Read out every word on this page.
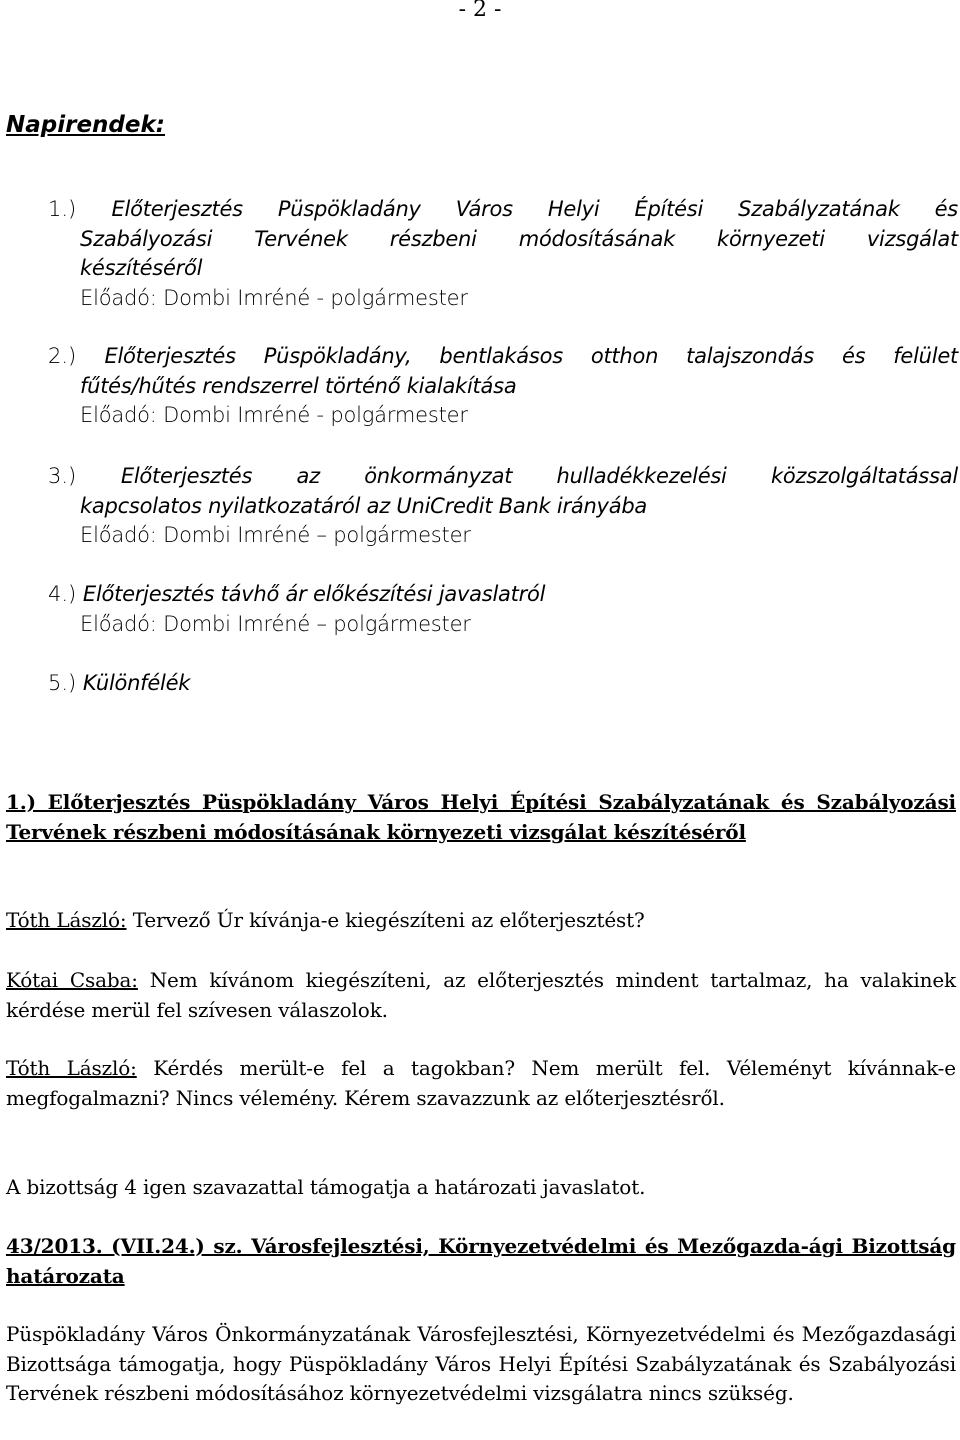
- 2 -
Napirendek:
1.) Előterjesztés Püspökladány Város Helyi Építési Szabályzatának és
Szabályozási Tervének részbeni módosításának környezeti vizsgálat
készítéséről
Előadó: Dombi Imréné - polgármester
2.) Előterjesztés Püspökladány, bentlakásos otthon talajszondás és felület
fűtés/hűtés rendszerrel történő kialakítása
Előadó: Dombi Imréné - polgármester
3.) Előterjesztés az önkormányzat hulladékkezelési közszolgáltatással
kapcsolatos nyilatkozatáról az UniCredit Bank irányába
Előadó: Dombi Imréné – polgármester
4.) Előterjesztés távhő ár előkészítési javaslatról
Előadó: Dombi Imréné – polgármester
5.) Különfélék
1.) Előterjesztés Püspökladány Város Helyi Építési Szabályzatának és Szabályozási Tervének részbeni módosításának környezeti vizsgálat készítéséről

Tóth László: Tervező Úr kívánja-e kiegészíteni az előterjesztést?

Kótai Csaba: Nem kívánom kiegészíteni, az előterjesztés mindent tartalmaz, ha valakinek kérdése merül fel szívesen válaszolok.

Tóth László: Kérdés merült-e fel a tagokban? Nem merült fel. Véleményt kívánnak-e megfogalmazni? Nincs vélemény. Kérem szavazzunk az előterjesztésről.

A bizottság 4 igen szavazattal támogatja a határozati javaslatot.

43/2013. (VII.24.) sz. Városfejlesztési, Környezetvédelmi és Mezőgazda-ági Bizottság határozata

Püspökladány Város Önkormányzatának Városfejlesztési, Környezetvédelmi és Mezőgazdasági Bizottsága támogatja, hogy Püspökladány Város Helyi Építési Szabályzatának és Szabályozási Tervének részbeni módosításához környezetvédelmi vizsgálatra nincs szükség.
